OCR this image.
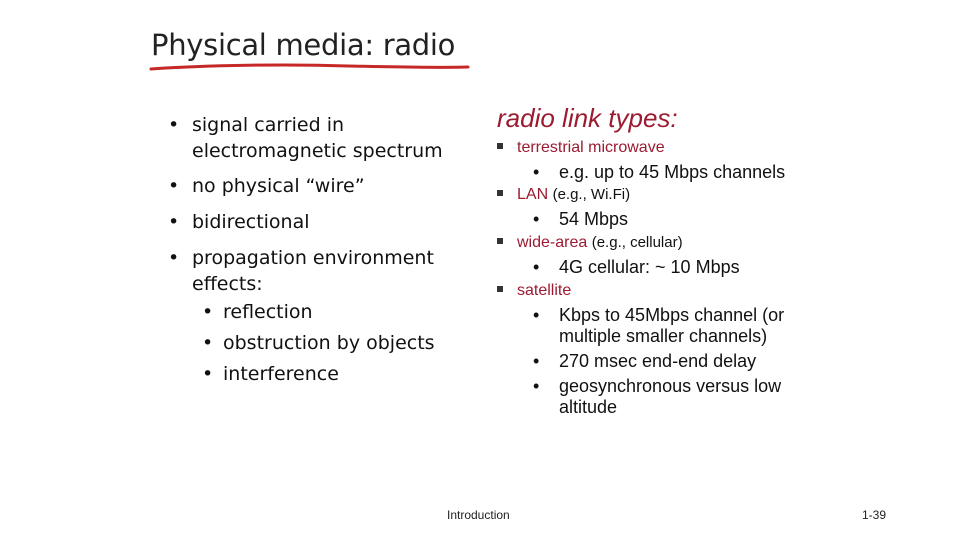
Physical media: radio
• signal carried in electromagnetic spectrum
• no physical “wire”
• bidirectional
• propagation environment effects:
• reflection
• obstruction by objects
• interference
radio link types:
terrestrial microwave
• e.g. up to 45 Mbps channels
LAN (e.g., Wi.Fi)
• 54 Mbps
wide-area (e.g., cellular)
• 4G cellular: ~ 10 Mbps
satellite
•	Kbps to 45Mbps channel (or multiple smaller channels)
•	270 msec end-end delay
•	geosynchronous versus low altitude
Introduction	1-39
